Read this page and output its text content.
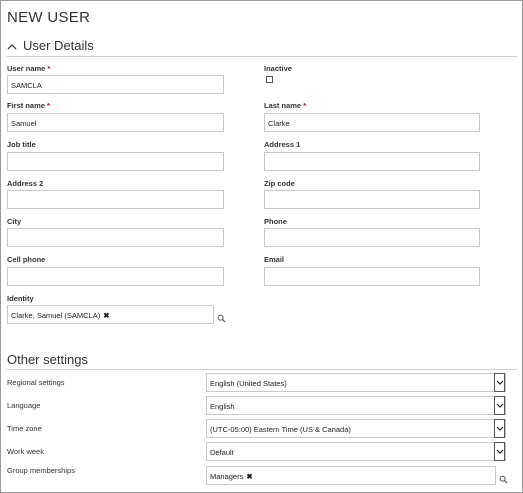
NEW USER
User Details
User name *
SAMCLA
Inactive
First name *
Samuel
Last name *
Clarke
Job title	Address 1
Address 2	Zip code
City	Phone
Cell phone	Email
Identity
Clarke, Samuel (SAMCLA) ✖
Other settings
Regional settings	English (United States)
Language	English
Time zone	(UTC-05:00) Eastern Time (US & Canada)
Work week	Default
Group memberships
Managers ✖
